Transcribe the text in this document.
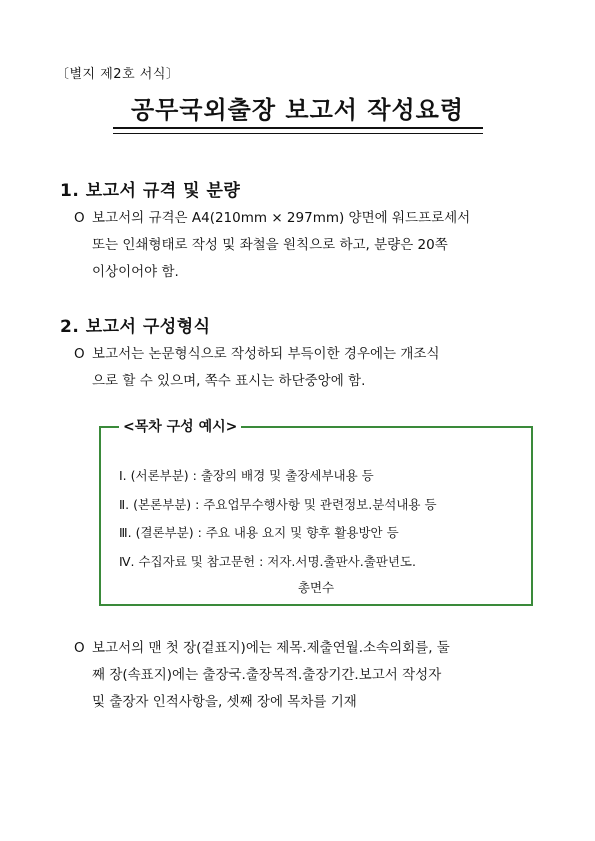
〔별지 제2호 서식〕
공무국외출장 보고서 작성요령
1. 보고서 규격 및 분량
O 보고서의 규격은 A4(210mm × 297mm) 양면에 워드프로세서
또는 인쇄형태로 작성 및 좌철을 원칙으로 하고, 분량은 20쪽
이상이어야 함.
2. 보고서 구성형식
O 보고서는 논문형식으로 작성하되 부득이한 경우에는 개조식
으로 할 수 있으며, 쪽수 표시는 하단중앙에 함.
<목차 구성 예시>
Ⅰ. (서론부분) : 출장의 배경 및 출장세부내용 등
Ⅱ. (본론부분) : 주요업무수행사항 및 관련정보.분석내용 등
Ⅲ. (결론부분) : 주요 내용 요지 및 향후 활용방안 등
Ⅳ. 수집자료 및 참고문헌 : 저자.서명.출판사.출판년도.
총면수
O 보고서의 맨 첫 장(겉표지)에는 제목.제출연월.소속의회를, 둘
째 장(속표지)에는 출장국.출장목적.출장기간.보고서 작성자
및 출장자 인적사항을, 셋째 장에 목차를 기재
